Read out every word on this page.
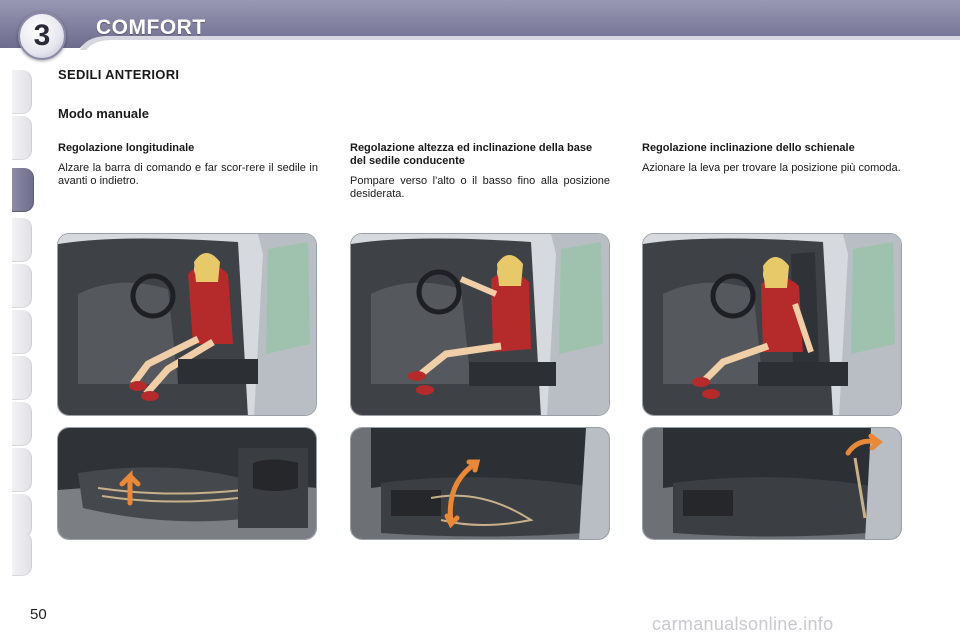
3	COMFORT
SEDILI ANTERIORI
Modo manuale
Regolazione longitudinale

Alzare la barra di comando e far scor-rere il sedile in avanti o indietro.

Regolazione altezza ed inclinazione della base del sedile conducente

Pompare verso l'alto o il basso fino alla posizione desiderata.

Regolazione inclinazione dello schienale

Azionare la leva per trovare la posizione più comoda.

50	carmanualsonline.info
